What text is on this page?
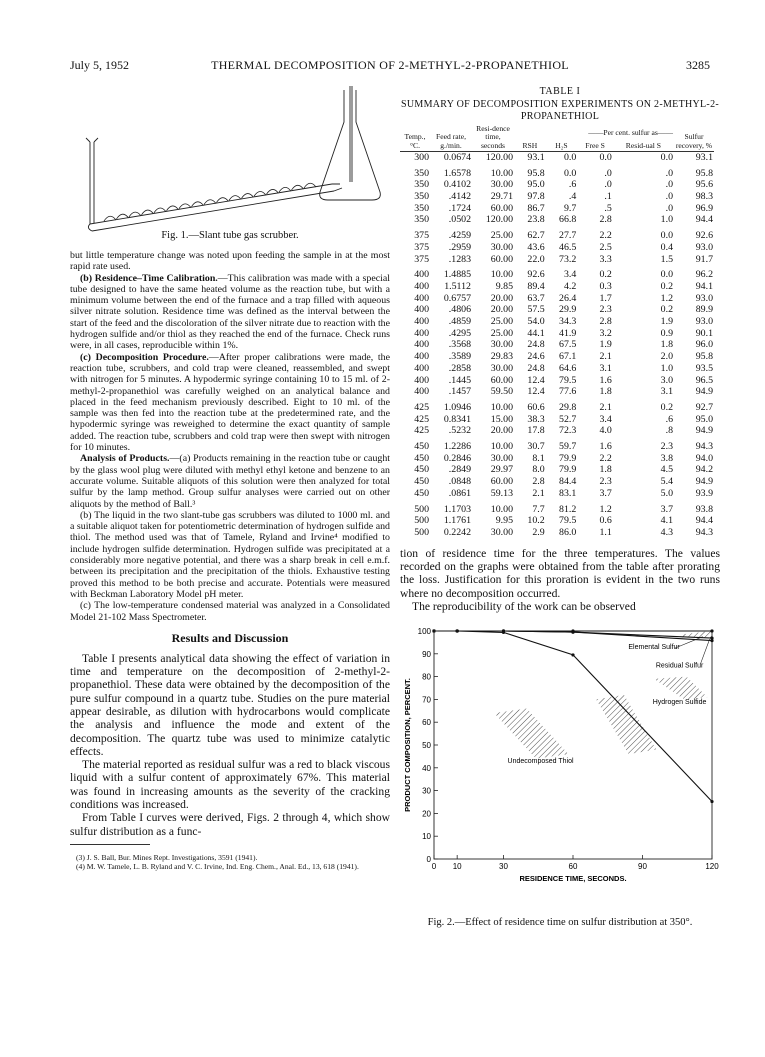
July 5, 1952	THERMAL DECOMPOSITION OF 2-METHYL-2-PROPANETHIOL	3285
Fig. 1.—Slant tube gas scrubber.

but little temperature change was noted upon feeding the sample in at the most rapid rate used.

(b) Residence–Time Calibration.—This calibration was made with a special tube designed to have the same heated volume as the reaction tube, but with a minimum volume between the end of the furnace and a trap filled with aqueous silver nitrate solution. Residence time was defined as the interval between the start of the feed and the discoloration of the silver nitrate due to reaction with the hydrogen sulfide and/or thiol as they reached the end of the furnace. Check runs were, in all cases, reproducible within 1%.

(c) Decomposition Procedure.—After proper calibrations were made, the reaction tube, scrubbers, and cold trap were cleaned, reassembled, and swept with nitrogen for 5 minutes. A hypodermic syringe containing 10 to 15 ml. of 2-methyl-2-propanethiol was carefully weighed on an analytical balance and placed in the feed mechanism previously described. Eight to 10 ml. of the sample was then fed into the reaction tube at the predetermined rate, and the hypodermic syringe was reweighed to determine the exact quantity of sample added. The reaction tube, scrubbers and cold trap were then swept with nitrogen for 10 minutes.

Analysis of Products.—(a) Products remaining in the reaction tube or caught by the glass wool plug were diluted with methyl ethyl ketone and benzene to an accurate volume. Suitable aliquots of this solution were then analyzed for total sulfur by the lamp method. Group sulfur analyses were carried out on other aliquots by the method of Ball.³

(b) The liquid in the two slant-tube gas scrubbers was diluted to 1000 ml. and a suitable aliquot taken for potentiometric determination of hydrogen sulfide and thiol. The method used was that of Tamele, Ryland and Irvine⁴ modified to include hydrogen sulfide determination. Hydrogen sulfide was precipitated at a considerably more negative potential, and there was a sharp break in cell e.m.f. between its precipitation and the precipitation of the thiols. Exhaustive testing proved this method to be both precise and accurate. Potentials were measured with Beckman Laboratory Model pH meter.

(c) The low-temperature condensed material was analyzed in a Consolidated Model 21-102 Mass Spectrometer.

Results and Discussion

Table I presents analytical data showing the effect of variation in time and temperature on the decomposition of 2-methyl-2-propanethiol. These data were obtained by the decomposition of the pure sulfur compound in a quartz tube. Studies on the pure material appear desirable, as dilution with hydrocarbons would complicate the analysis and influence the mode and extent of the decomposition. The quartz tube was used to minimize catalytic effects.

The material reported as residual sulfur was a red to black viscous liquid with a sulfur content of approximately 67%. This material was found in increasing amounts as the severity of the cracking conditions was increased.

From Table I curves were derived, Figs. 2 through 4, which show sulfur distribution as a func-

(3) J. S. Ball, Bur. Mines Rept. Investigations, 3591 (1941).
(4) M. W. Tamele, L. B. Ryland and V. C. Irvine, Ind. Eng. Chem., Anal. Ed., 13, 618 (1941).
TABLE I
SUMMARY OF DECOMPOSITION EXPERIMENTS ON 2-METHYL-2-PROPANETHIOL
Temp., °C.	Feed rate, g./min.	Resi-dence time, seconds	——Per cent. sulfur as——				Sulfur recovery, %
			RSH	H₂S	Free S	Resid-ual S	
300	0.0674	120.00	93.1	0.0	0.0	0.0	93.1
350	1.6578	10.00	95.8	0.0	.0	.0	95.8
350	0.4102	30.00	95.0	.6	.0	.0	95.6
350	.4142	29.71	97.8	.4	.1	.0	98.3
350	.1724	60.00	86.7	9.7	.5	.0	96.9
350	.0502	120.00	23.8	66.8	2.8	1.0	94.4
375	.4259	25.00	62.7	27.7	2.2	0.0	92.6
375	.2959	30.00	43.6	46.5	2.5	0.4	93.0
375	.1283	60.00	22.0	73.2	3.3	1.5	91.7
400	1.4885	10.00	92.6	3.4	0.2	0.0	96.2
400	1.5112	9.85	89.4	4.2	0.3	0.2	94.1
400	0.6757	20.00	63.7	26.4	1.7	1.2	93.0
400	.4806	20.00	57.5	29.9	2.3	0.2	89.9
400	.4859	25.00	54.0	34.3	2.8	1.9	93.0
400	.4295	25.00	44.1	41.9	3.2	0.9	90.1
400	.3568	30.00	24.8	67.5	1.9	1.8	96.0
400	.3589	29.83	24.6	67.1	2.1	2.0	95.8
400	.2858	30.00	24.8	64.6	3.1	1.0	93.5
400	.1445	60.00	12.4	79.5	1.6	3.0	96.5
400	.1457	59.50	12.4	77.6	1.8	3.1	94.9
425	1.0946	10.00	60.6	29.8	2.1	0.2	92.7
425	0.8341	15.00	38.3	52.7	3.4	.6	95.0
425	.5232	20.00	17.8	72.3	4.0	.8	94.9
450	1.2286	10.00	30.7	59.7	1.6	2.3	94.3
450	0.2846	30.00	8.1	79.9	2.2	3.8	94.0
450	.2849	29.97	8.0	79.9	1.8	4.5	94.2
450	.0848	60.00	2.8	84.4	2.3	5.4	94.9
450	.0861	59.13	2.1	83.1	3.7	5.0	93.9
500	1.1703	10.00	7.7	81.2	1.2	3.7	93.8
500	1.1761	9.95	10.2	79.5	0.6	4.1	94.4
500	0.2242	30.00	2.9	86.0	1.1	4.3	94.3

tion of residence time for the three temperatures. The values recorded on the graphs were obtained from the table after prorating the loss. Justification for this proration is evident in the two runs where no decomposition occurred.

The reproducibility of the work can be observed

0
10
20
30
40
50
60
70
80
90
100
0 10	30	60	90	120
RESIDENCE TIME, SECONDS.
PRODUCT COMPOSITION, PERCENT.	Undecomposed Thiol
Hydrogen Sulfide
Residual Sulfur
Elemental Sulfur
Fig. 2.—Effect of residence time on sulfur distribution at 350°.
